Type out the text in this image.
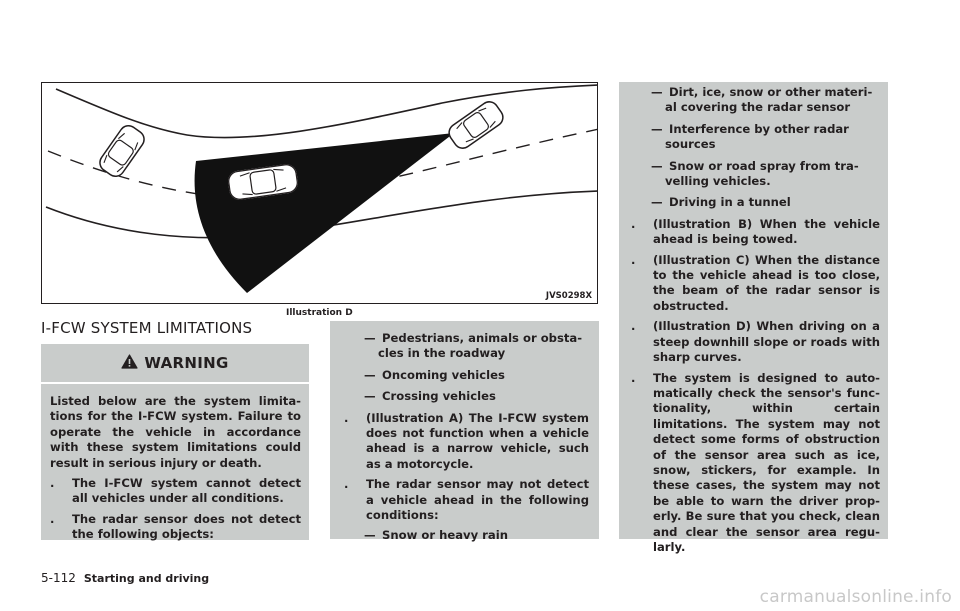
JVS0298X
Illustration D
I-FCW SYSTEM LIMITATIONS
WARNING

Listed below are the system limita-tions for the I-FCW system. Failure to operate the vehicle in accordance with these system limitations could result in serious injury or death.

.	The I-FCW system cannot detect all vehicles under all conditions.
.	The radar sensor does not detect the following objects:
— Pedestrians, animals or obsta-cles in the roadway
— Oncoming vehicles
— Crossing vehicles
.	(Illustration A) The I-FCW system does not function when a vehicle ahead is a narrow vehicle, such as a motorcycle.
.	The radar sensor may not detect a vehicle ahead in the following conditions:
— Snow or heavy rain
— Dirt, ice, snow or other materi-al covering the radar sensor
— Interference by other radar sources
— Snow or road spray from tra-velling vehicles.
— Driving in a tunnel
.	(Illustration B) When the vehicle ahead is being towed.
.	(Illustration C) When the distance to the vehicle ahead is too close, the beam of the radar sensor is obstructed.
.	(Illustration D) When driving on a steep downhill slope or roads with sharp curves.
.	The system is designed to auto-matically check the sensor's func-tionality, within certain limitations. The system may not detect some forms of obstruction of the sensor area such as ice, snow, stickers, for example. In these cases, the system may not be able to warn the driver prop-erly. Be sure that you check, clean and clear the sensor area regu-larly.
5-112 Starting and driving
carmanualsonline.info
